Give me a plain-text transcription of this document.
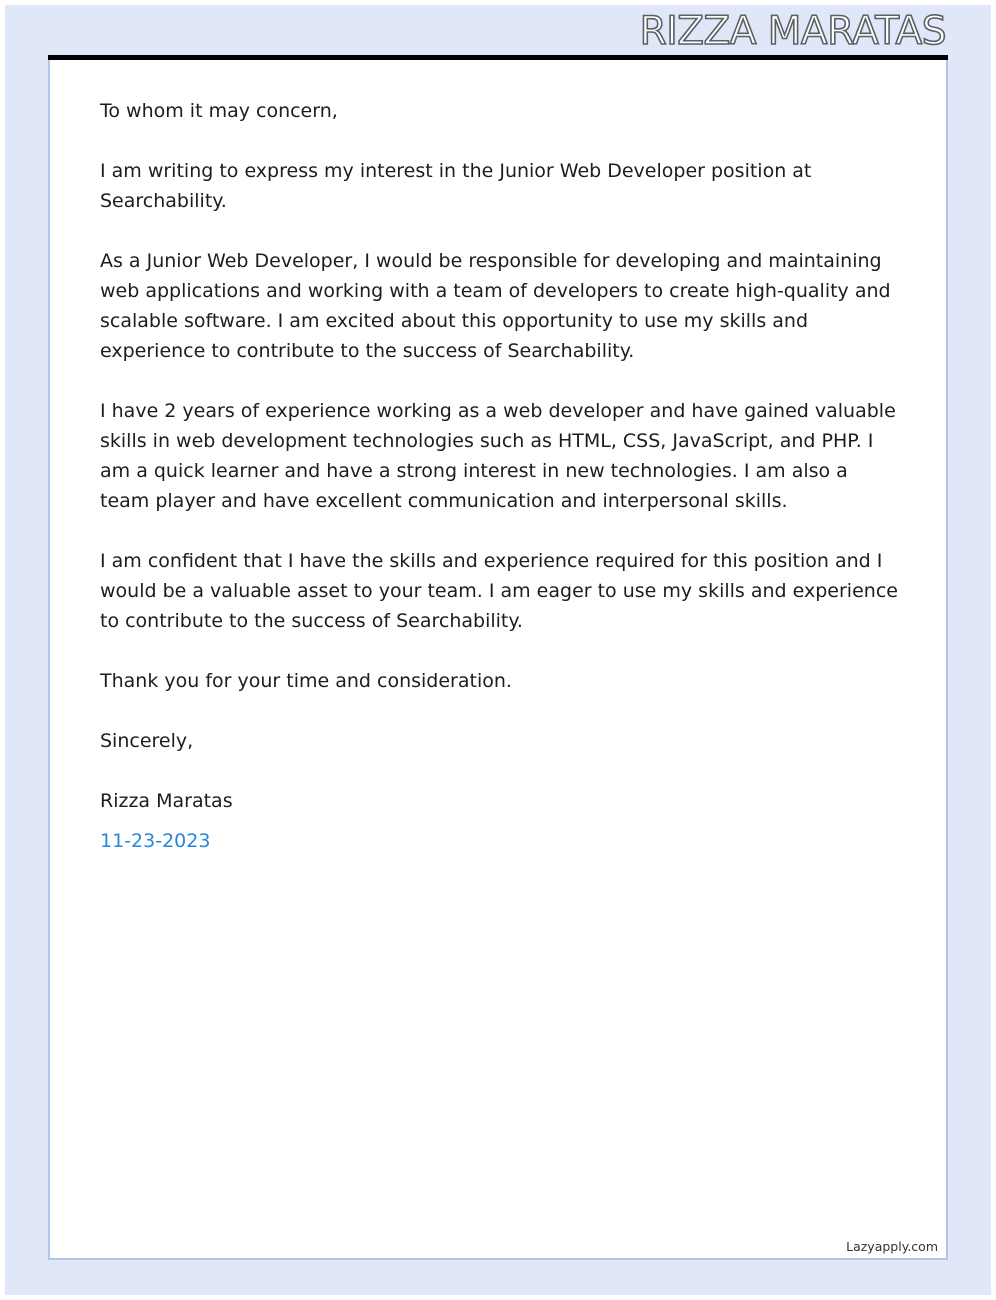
RIZZA MARATAS

To whom it may concern,

I am writing to express my interest in the Junior Web Developer position at Searchability.

As a Junior Web Developer, I would be responsible for developing and maintaining web applications and working with a team of developers to create high-quality and scalable software. I am excited about this opportunity to use my skills and experience to contribute to the success of Searchability.

I have 2 years of experience working as a web developer and have gained valuable skills in web development technologies such as HTML, CSS, JavaScript, and PHP. I am a quick learner and have a strong interest in new technologies. I am also a team player and have excellent communication and interpersonal skills.

I am confident that I have the skills and experience required for this position and I would be a valuable asset to your team. I am eager to use my skills and experience to contribute to the success of Searchability.

Thank you for your time and consideration.

Sincerely,

Rizza Maratas

11-23-2023
Lazyapply.com
